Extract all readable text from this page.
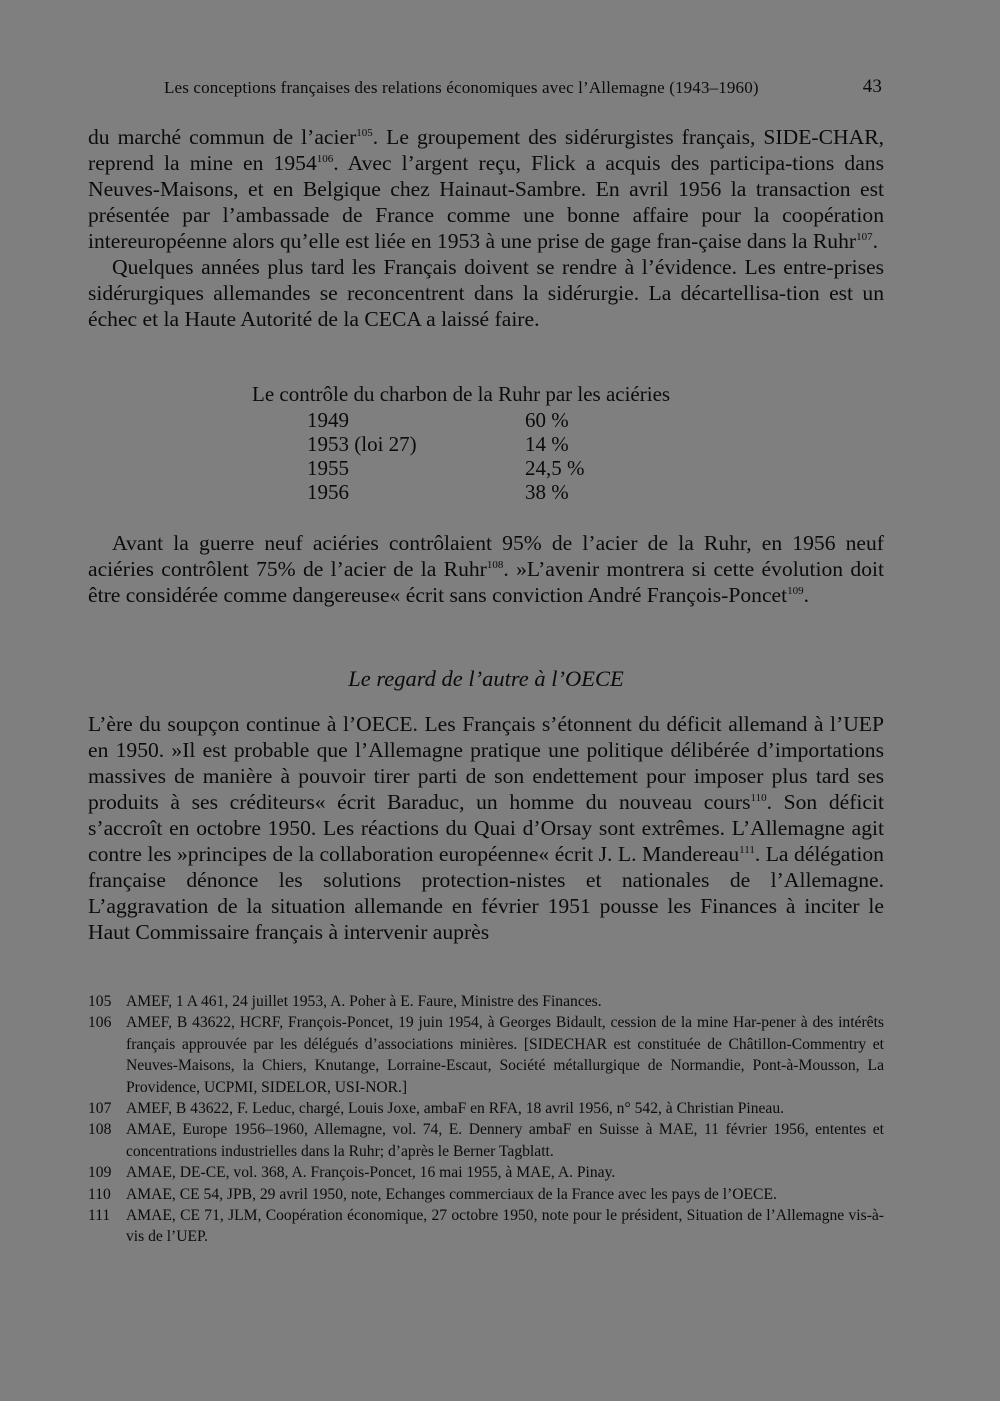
Les conceptions françaises des relations économiques avec l’Allemagne (1943–1960)	43

du marché commun de l’acier$^{105}$. Le groupement des sidérurgistes français, SIDE-CHAR, reprend la mine en 1954$^{106}$. Avec l’argent reçu, Flick a acquis des participa-tions dans Neuves-Maisons, et en Belgique chez Hainaut-Sambre. En avril 1956 la transaction est présentée par l’ambassade de France comme une bonne affaire pour la coopération intereuropéenne alors qu’elle est liée en 1953 à une prise de gage fran-çaise dans la Ruhr$^{107}$.

Quelques années plus tard les Français doivent se rendre à l’évidence. Les entre-prises sidérurgiques allemandes se reconcentrent dans la sidérurgie. La décartellisa-tion est un échec et la Haute Autorité de la CECA a laissé faire.

Le contrôle du charbon de la Ruhr par les aciéries
1949	60 %
1953 (loi 27)	14 %
1955	24,5 %
1956	38 %

Avant la guerre neuf aciéries contrôlaient 95% de l’acier de la Ruhr, en 1956 neuf aciéries contrôlent 75% de l’acier de la Ruhr$^{108}$. »L’avenir montrera si cette évolution doit être considérée comme dangereuse« écrit sans conviction André François-Poncet$^{109}$.

Le regard de l’autre à l’OECE

L’ère du soupçon continue à l’OECE. Les Français s’étonnent du déficit allemand à l’UEP en 1950. »Il est probable que l’Allemagne pratique une politique délibérée d’importations massives de manière à pouvoir tirer parti de son endettement pour imposer plus tard ses produits à ses créditeurs« écrit Baraduc, un homme du nouveau cours$^{110}$. Son déficit s’accroît en octobre 1950. Les réactions du Quai d’Orsay sont extrêmes. L’Allemagne agit contre les »principes de la collaboration européenne« écrit J. L. Mandereau$^{111}$. La délégation française dénonce les solutions protection-nistes et nationales de l’Allemagne. L’aggravation de la situation allemande en février 1951 pousse les Finances à inciter le Haut Commissaire français à intervenir auprès

105 AMEF, 1 A 461, 24 juillet 1953, A. Poher à E. Faure, Ministre des Finances.
106 AMEF, B 43622, HCRF, François-Poncet, 19 juin 1954, à Georges Bidault, cession de la mine Har-pener à des intérêts français approuvée par les délégués d’associations minières. [SIDECHAR est constituée de Châtillon-Commentry et Neuves-Maisons, la Chiers, Knutange, Lorraine-Escaut, Société métallurgique de Normandie, Pont-à-Mousson, La Providence, UCPMI, SIDELOR, USI-NOR.]
107 AMEF, B 43622, F. Leduc, chargé, Louis Joxe, ambaF en RFA, 18 avril 1956, n° 542, à Christian Pineau.
108 AMAE, Europe 1956–1960, Allemagne, vol. 74, E. Dennery ambaF en Suisse à MAE, 11 février 1956, ententes et concentrations industrielles dans la Ruhr; d’après le Berner Tagblatt.
109 AMAE, DE-CE, vol. 368, A. François-Poncet, 16 mai 1955, à MAE, A. Pinay.
110 AMAE, CE 54, JPB, 29 avril 1950, note, Echanges commerciaux de la France avec les pays de l’OECE.
111 AMAE, CE 71, JLM, Coopération économique, 27 octobre 1950, note pour le président, Situation de l’Allemagne vis-à-vis de l’UEP.
